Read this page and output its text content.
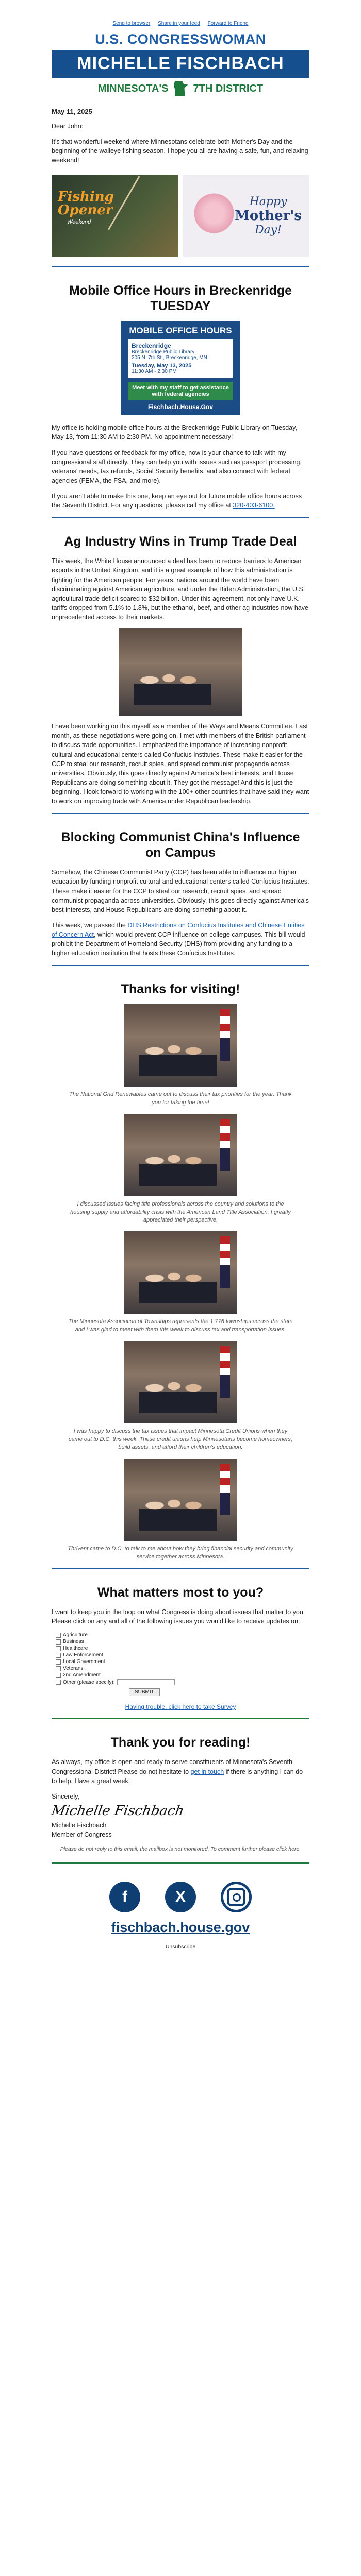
Send to browser Share in your feed Forward to Friend
U.S. CONGRESSWOMAN
MICHELLE FISCHBACH
MINNESOTA'S 7TH DISTRICT
May 11, 2025

Dear John:

It's that wonderful weekend where Minnesotans celebrate both Mother's Day and the beginning of the walleye fishing season. I hope you all are having a safe, fun, and relaxing weekend!

Fishing
Opener
Weekend
Happy
Mother's
Day!
Mobile Office Hours in Breckenridge TUESDAY
MOBILE OFFICE HOURS
Breckenridge
Breckenridge Public Library
205 N. 7th St., Breckenridge, MN
Tuesday, May 13, 2025
11:30 AM - 2:30 PM
Meet with my staff to get assistance with federal agencies
Fischbach.House.Gov

My office is holding mobile office hours at the Breckenridge Public Library on Tuesday, May 13, from 11:30 AM to 2:30 PM. No appointment necessary!

If you have questions or feedback for my office, now is your chance to talk with my congressional staff directly. They can help you with issues such as passport processing, veterans' needs, tax refunds, Social Security benefits, and also connect with federal agencies (FEMA, the FSA, and more).

If you aren't able to make this one, keep an eye out for future mobile office hours across the Seventh District. For any questions, please call my office at 320-403-6100.

Ag Industry Wins in Trump Trade Deal

This week, the White House announced a deal has been to reduce barriers to American exports in the United Kingdom, and it is a great example of how this administration is fighting for the American people. For years, nations around the world have been discriminating against American agriculture, and under the Biden Administration, the U.S. agricultural trade deficit soared to $32 billion. Under this agreement, not only have U.K. tariffs dropped from 5.1% to 1.8%, but the ethanol, beef, and other ag industries now have unprecedented access to their markets.

I have been working on this myself as a member of the Ways and Means Committee. Last month, as these negotiations were going on, I met with members of the British parliament to discuss trade opportunities. I emphasized the importance of increasing nonprofit cultural and educational centers called Confucius Institutes. These make it easier for the CCP to steal our research, recruit spies, and spread communist propaganda across universities. Obviously, this goes directly against America's best interests, and House Republicans are doing something about it. They got the message! And this is just the beginning. I look forward to working with the 100+ other countries that have said they want to work on improving trade with America under Republican leadership.

Blocking Communist China's Influence on Campus

Somehow, the Chinese Communist Party (CCP) has been able to influence our higher education by funding nonprofit cultural and educational centers called Confucius Institutes. These make it easier for the CCP to steal our research, recruit spies, and spread communist propaganda across universities. Obviously, this goes directly against America's best interests, and House Republicans are doing something about it.

This week, we passed the DHS Restrictions on Confucius Institutes and Chinese Entities of Concern Act, which would prevent CCP influence on college campuses. This bill would prohibit the Department of Homeland Security (DHS) from providing any funding to a higher education institution that hosts these Confucius Institutes.

Thanks for visiting!
The National Grid Renewables came out to discuss their tax priorities for the year. Thank you for taking the time!
I discussed issues facing title professionals across the country and solutions to the housing supply and affordability crisis with the American Land Title Association. I greatly appreciated their perspective.
The Minnesota Association of Townships represents the 1,776 townships across the state and I was glad to meet with them this week to discuss tax and transportation issues.
I was happy to discuss the tax issues that impact Minnesota Credit Unions when they came out to D.C. this week. These credit unions help Minnesotans become homeowners, build assets, and afford their children's education.
Thrivent came to D.C. to talk to me about how they bring financial security and community service together across Minnesota.
What matters most to you?

I want to keep you in the loop on what Congress is doing about issues that matter to you. Please click on any and all of the following issues you would like to receive updates on:

Agriculture
Business
Healthcare
Law Enforcement
Local Government
Veterans
2nd Amendment
Other (please specify):
SUBMIT
Having trouble, click here to take Survey
Thank you for reading!

As always, my office is open and ready to serve constituents of Minnesota's Seventh Congressional District! Please do not hesitate to get in touch if there is anything I can do to help. Have a great week!

Sincerely,

Michelle Fischbach

Michelle Fischbach
Member of Congress

Please do not reply to this email, the mailbox is not monitored. To comment further please click here.
f	X
fischbach.house.gov
Unsubscribe
